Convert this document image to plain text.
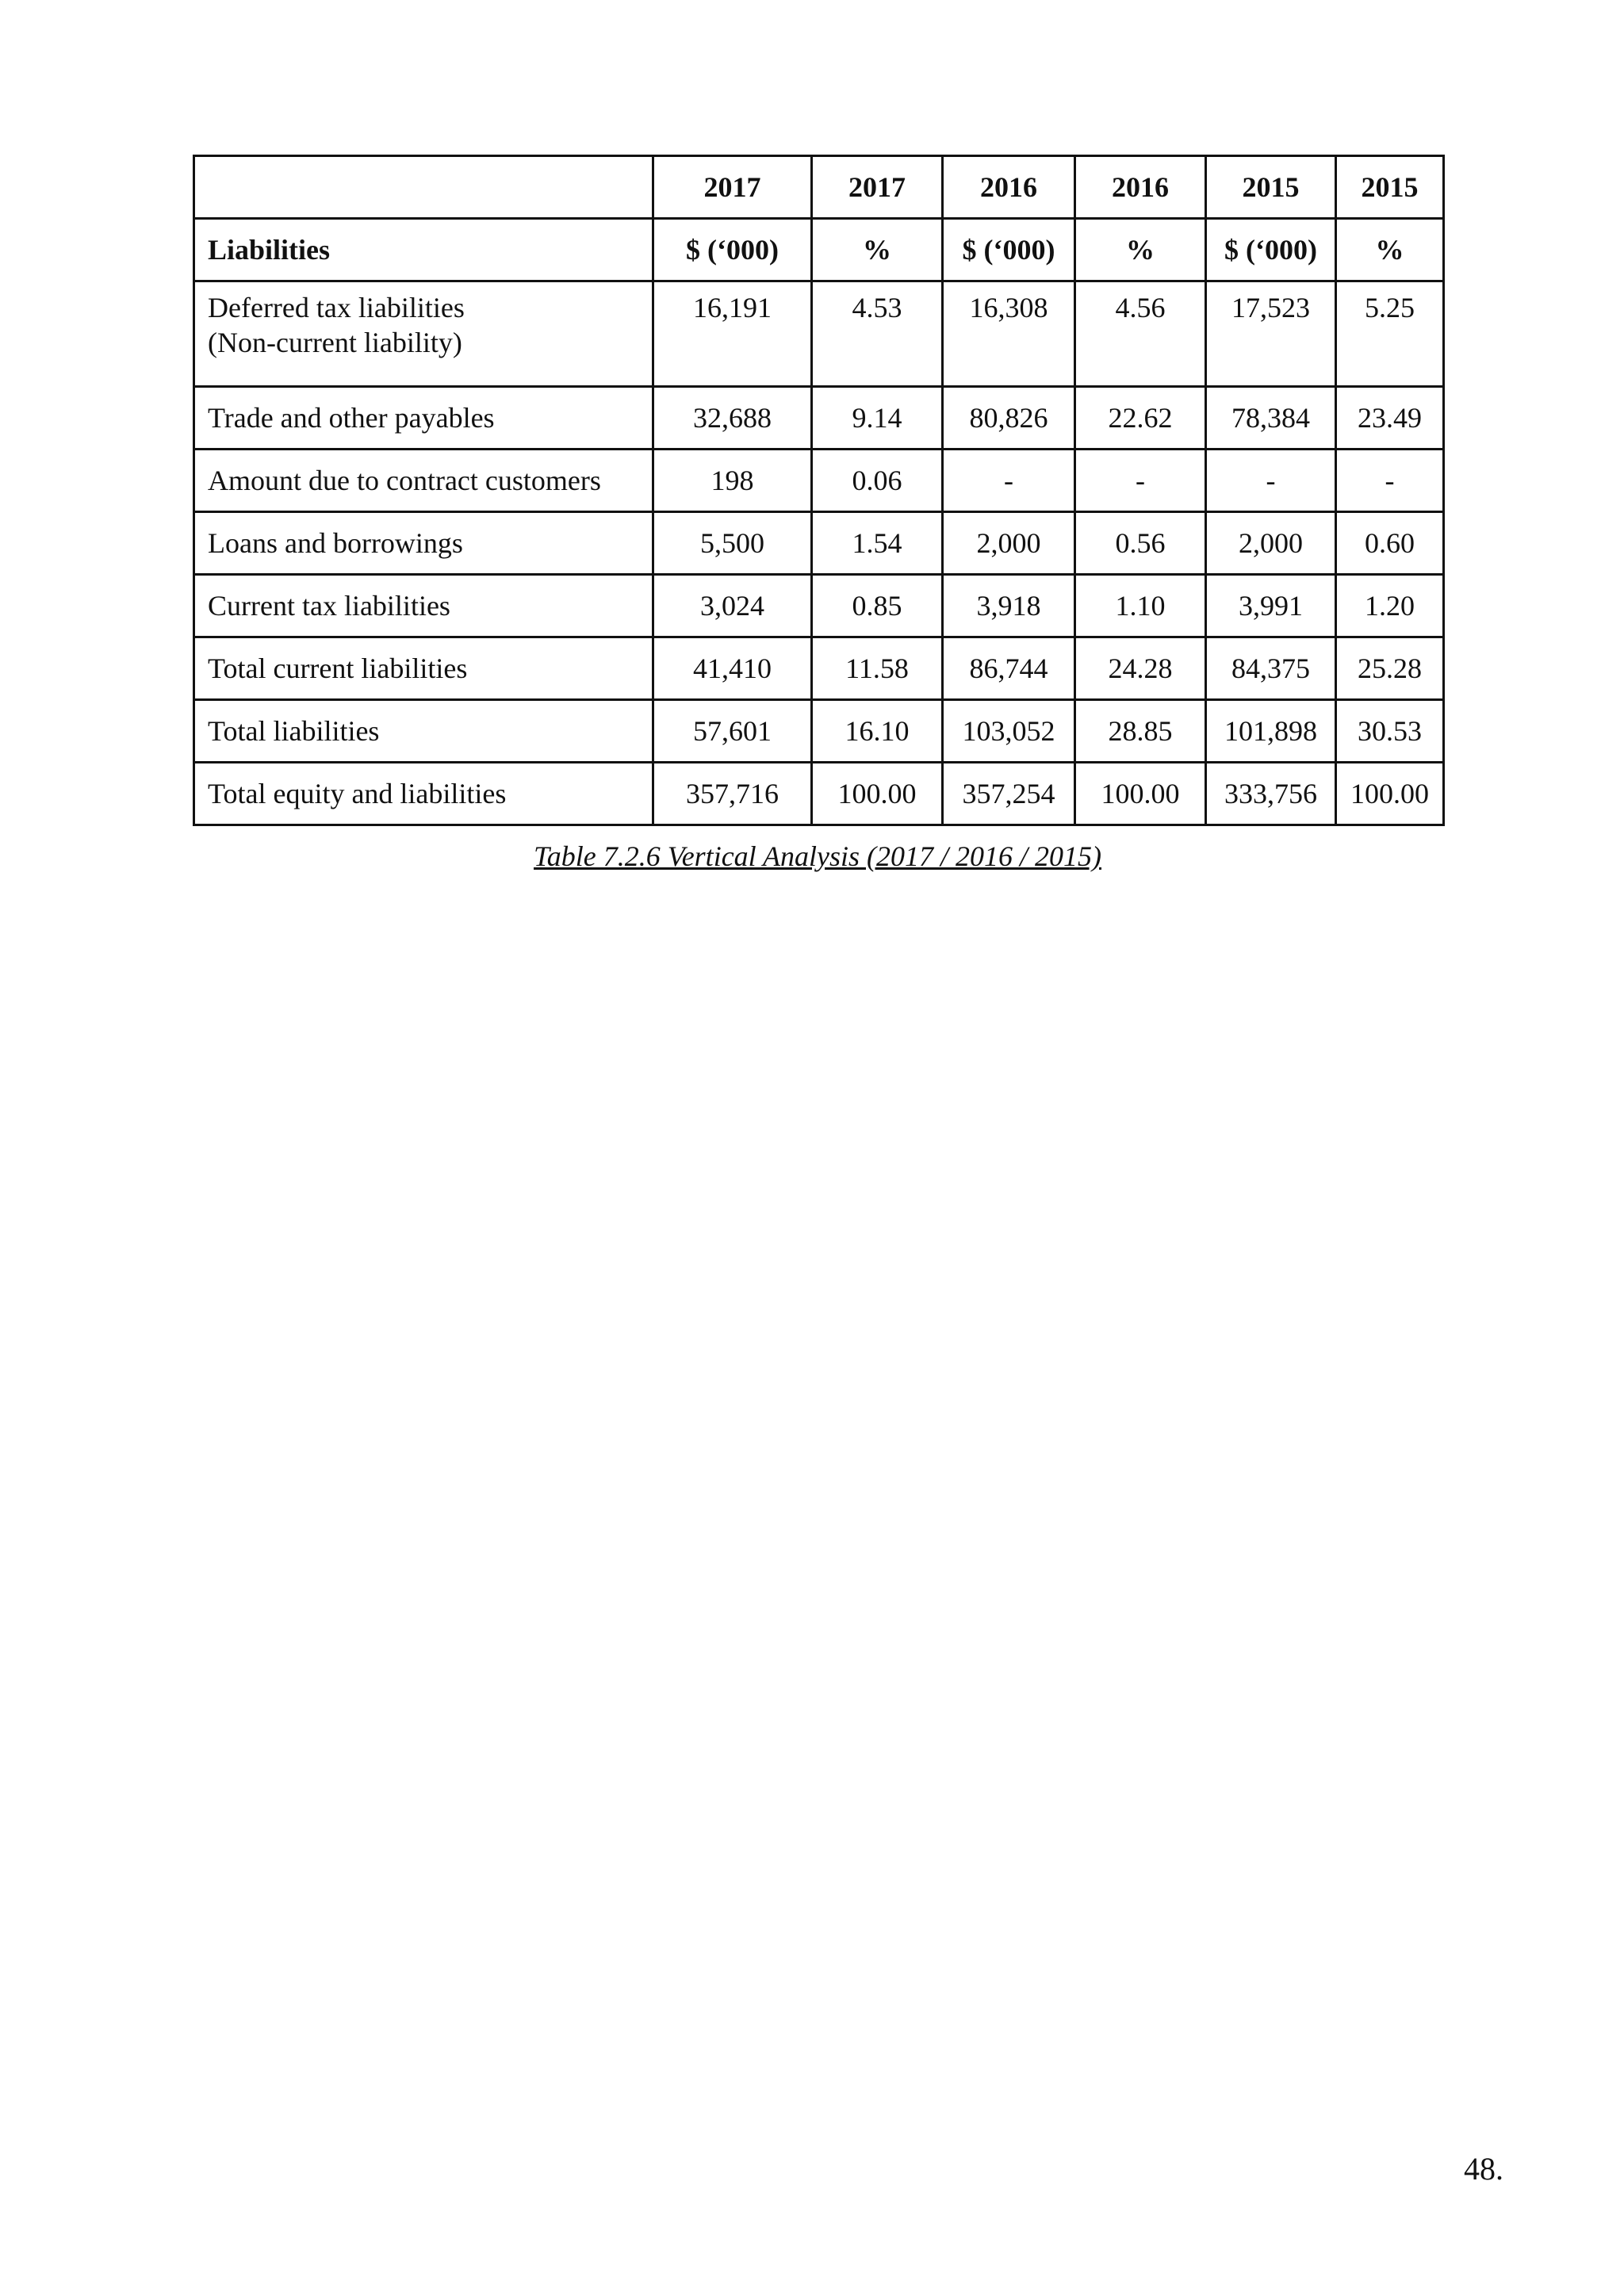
	2017	2017	2016	2016	2015	2015
Liabilities	$ (‘000)	%	$ (‘000)	%	$ (‘000)	%

Deferred tax liabilities
(Non-current liability)	16,191	4.53	16,308	4.56	17,523	5.25
Trade and other payables	32,688	9.14	80,826	22.62	78,384	23.49
Amount due to contract customers	198	0.06	-	-	-	-
Loans and borrowings	5,500	1.54	2,000	0.56	2,000	0.60
Current tax liabilities	3,024	0.85	3,918	1.10	3,991	1.20
Total current liabilities	41,410	11.58	86,744	24.28	84,375	25.28
Total liabilities	57,601	16.10	103,052	28.85	101,898	30.53
Total equity and liabilities	357,716	100.00	357,254	100.00	333,756	100.00
Table 7.2.6 Vertical Analysis (2017 / 2016 / 2015)
48.
